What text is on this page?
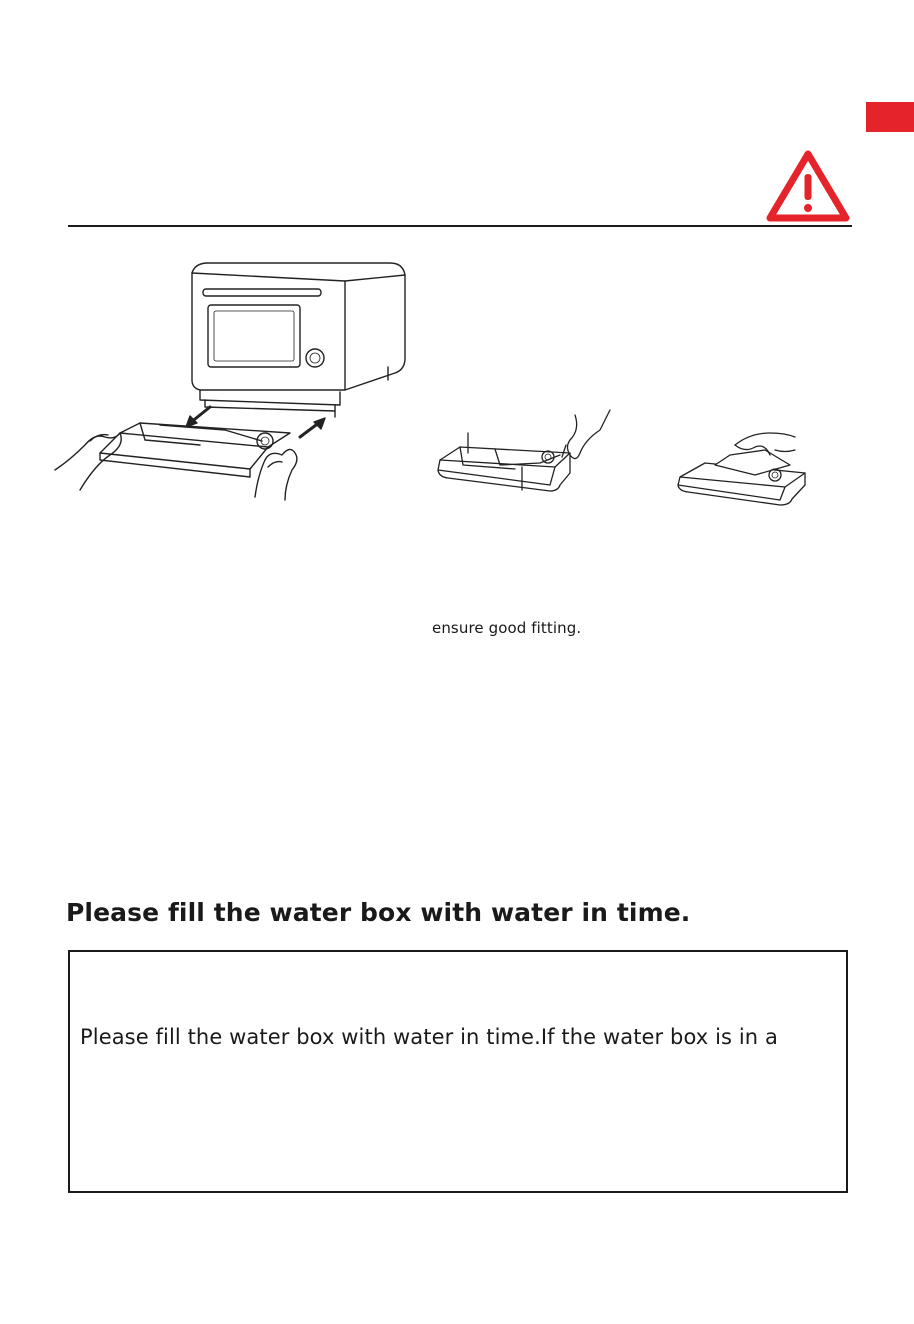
ensure good fitting.
Please fill the water box with water in time.
Please fill the water box with water in time.If the water box is in a
